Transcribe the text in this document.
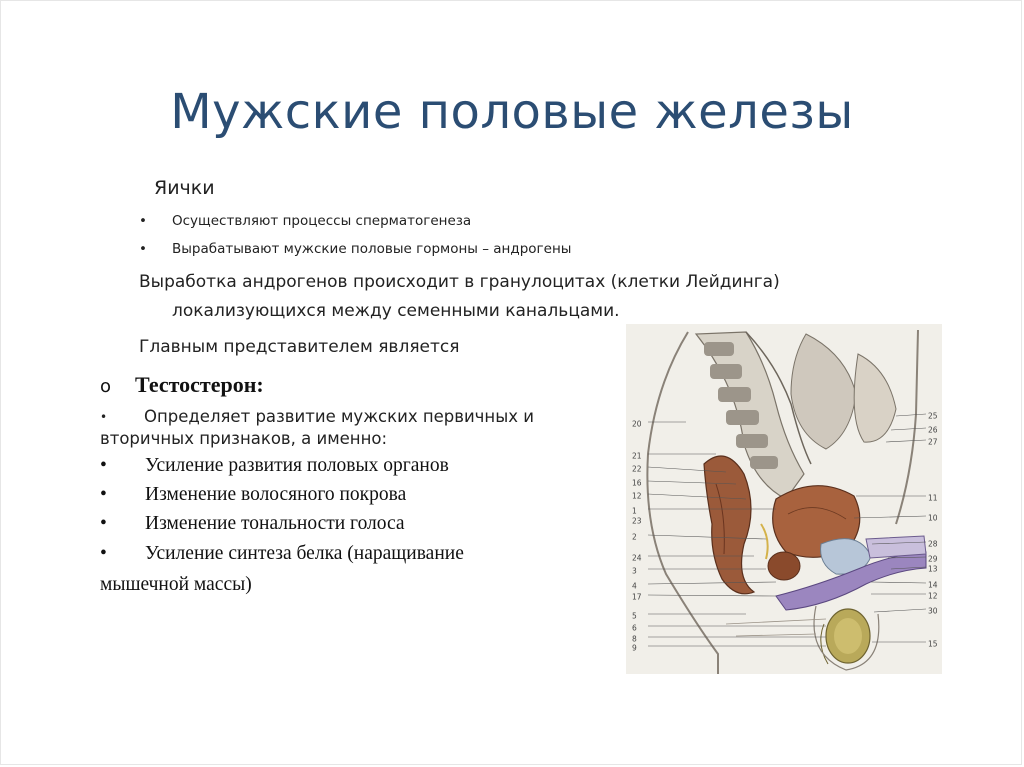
Мужские половые железы
Яички
• Осуществляют процессы сперматогенеза
• Вырабатывают мужские половые гормоны – андрогены
Выработка андрогенов происходит в гранулоцитах (клетки Лейдинга)
локализующихся между семенными канальцами.
Главным представителем является
o Тестостерон:
• Определяет развитие мужских первичных и
вторичных признаков, а именно:
• Усиление развития половых органов
• Изменение волосяного покрова
• Изменение тональности голоса
• Усиление синтеза белка (наращивание
мышечной массы)
20
21
22
16
12
1
23
2
24
3
4
17
5
6
8
9
25
26
27
11
10
28
29
13
14
12
30
15
